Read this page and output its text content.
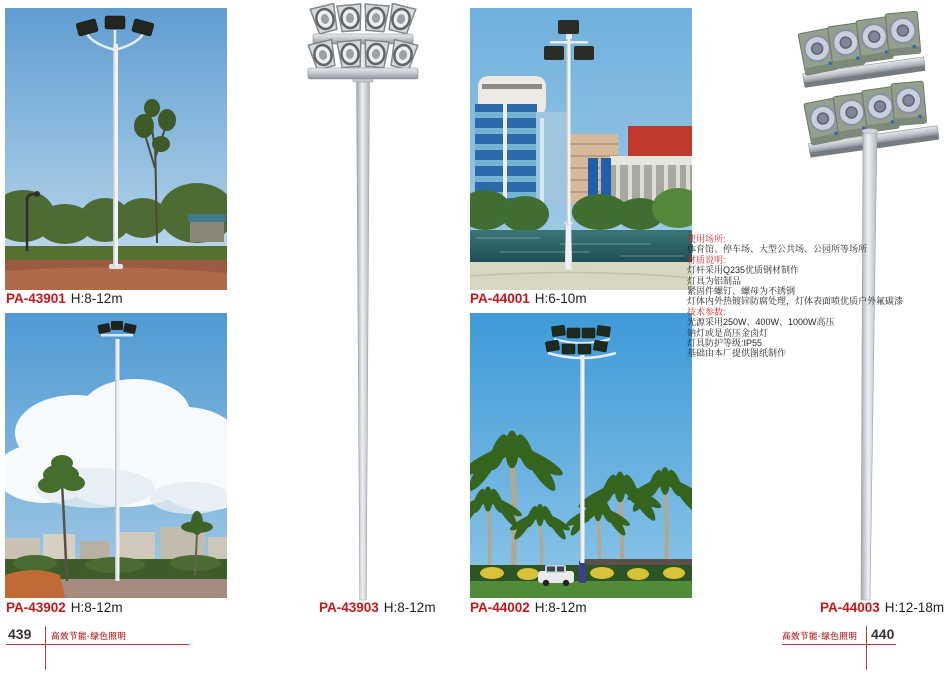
使用场所:
体育馆、停车场、大型公共场、公园所等场所
材质说明:
灯杆采用Q235优质钢材制作
灯具为铝制品
紧固件螺钉、螺母为不锈钢
灯体内外热镀锌防腐处理，灯体表面喷优质户外氟碳漆
技术参数:
光源采用250W、400W、1000W高压
钠灯或是高压金卤灯
灯具防护等级:IP55
基础由本厂提供图纸制作
PA-43901 H:8-12m
PA-43902 H:8-12m	PA-43903 H:8-12m
PA-44001 H:6-10m
PA-44002 H:8-12m	PA-44003 H:12-18m
439 高效节能·绿色照明	高效节能·绿色照明 440
